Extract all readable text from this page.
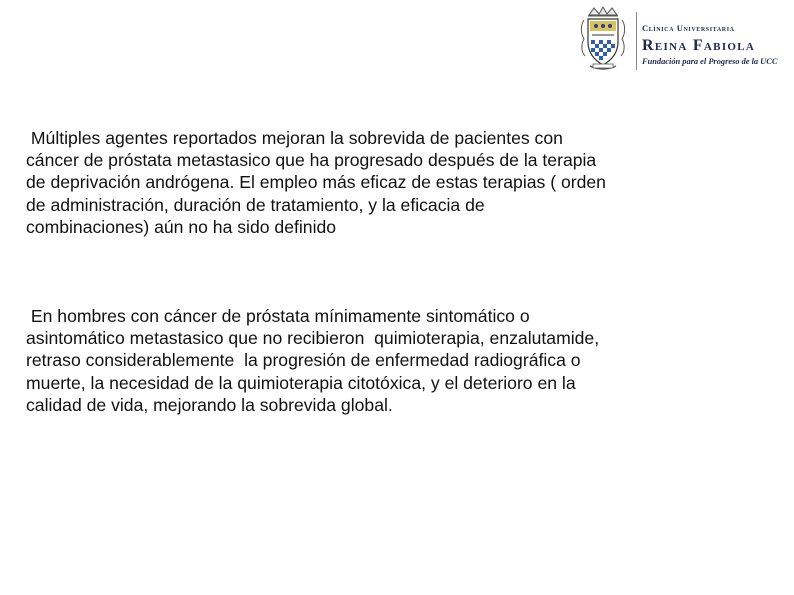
Clínica Universitaria
Reina Fabiola
Fundación para el Progreso de la UCC

Múltiples agentes reportados mejoran la sobrevida de pacientes con
cáncer de próstata metastasico que ha progresado después de la terapia
de deprivación andrógena. El empleo más eficaz de estas terapias ( orden
de administración, duración de tratamiento, y la eficacia de
combinaciones) aún no ha sido definido

En hombres con cáncer de próstata mínimamente sintomático o
asintomático metastasico que no recibieron  quimioterapia, enzalutamide,
retraso considerablemente  la progresión de enfermedad radiográfica o
muerte, la necesidad de la quimioterapia citotóxica, y el deterioro en la
calidad de vida, mejorando la sobrevida global.
